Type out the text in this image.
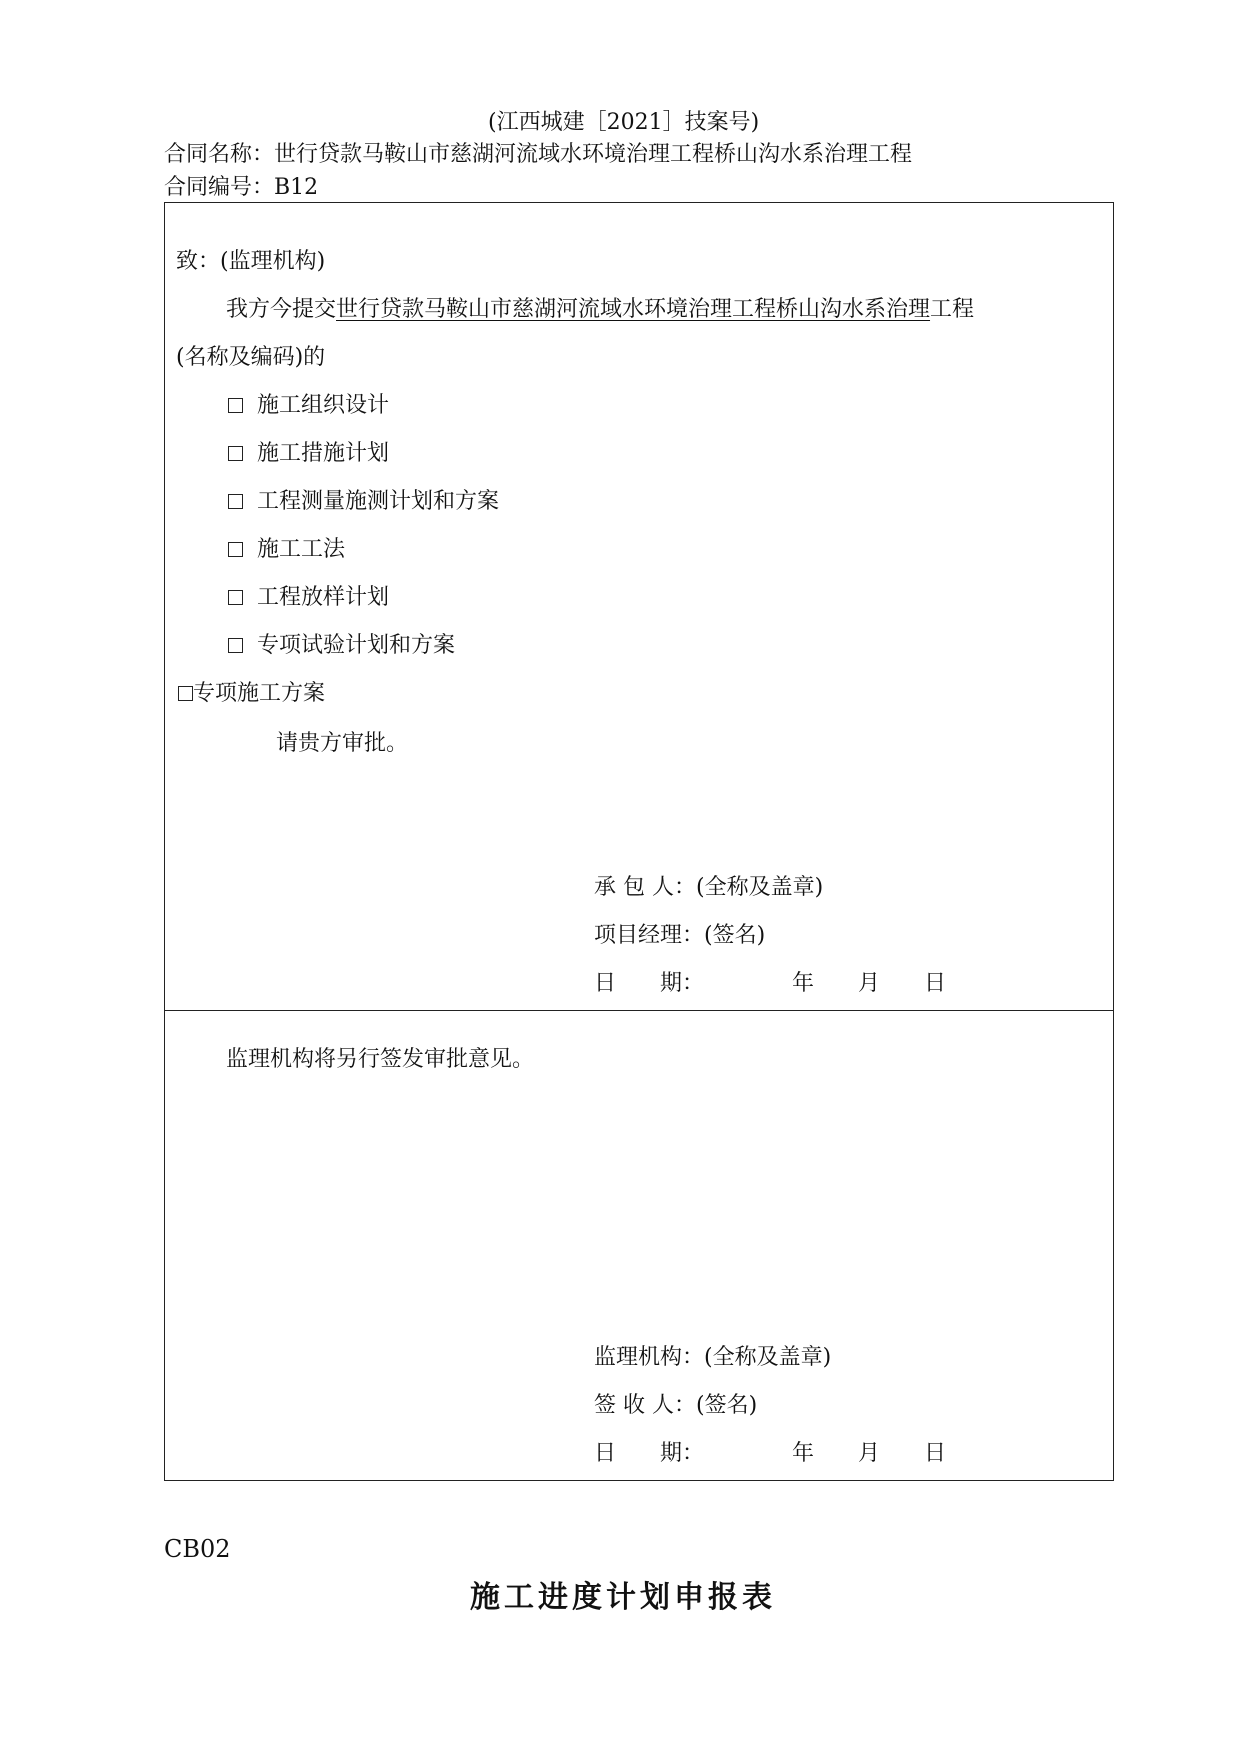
(江西城建［2021］技案号)
合同名称：世行贷款马鞍山市慈湖河流域水环境治理工程桥山沟水系治理工程
合同编号：B12
致：(监理机构)
我方今提交世行贷款马鞍山市慈湖河流域水环境治理工程桥山沟水系治理工程
(名称及编码)的
施工组织设计
施工措施计划
工程测量施测计划和方案
施工工法
工程放样计划
专项试验计划和方案
专项施工方案
请贵方审批。
承 包 人：(全称及盖章)
项目经理：(签名)
日　　期：	年　　月　　日
监理机构将另行签发审批意见。
监理机构：(全称及盖章)
签 收 人：(签名)
日　　期：	年　　月　　日
CB02
施工进度计划申报表
